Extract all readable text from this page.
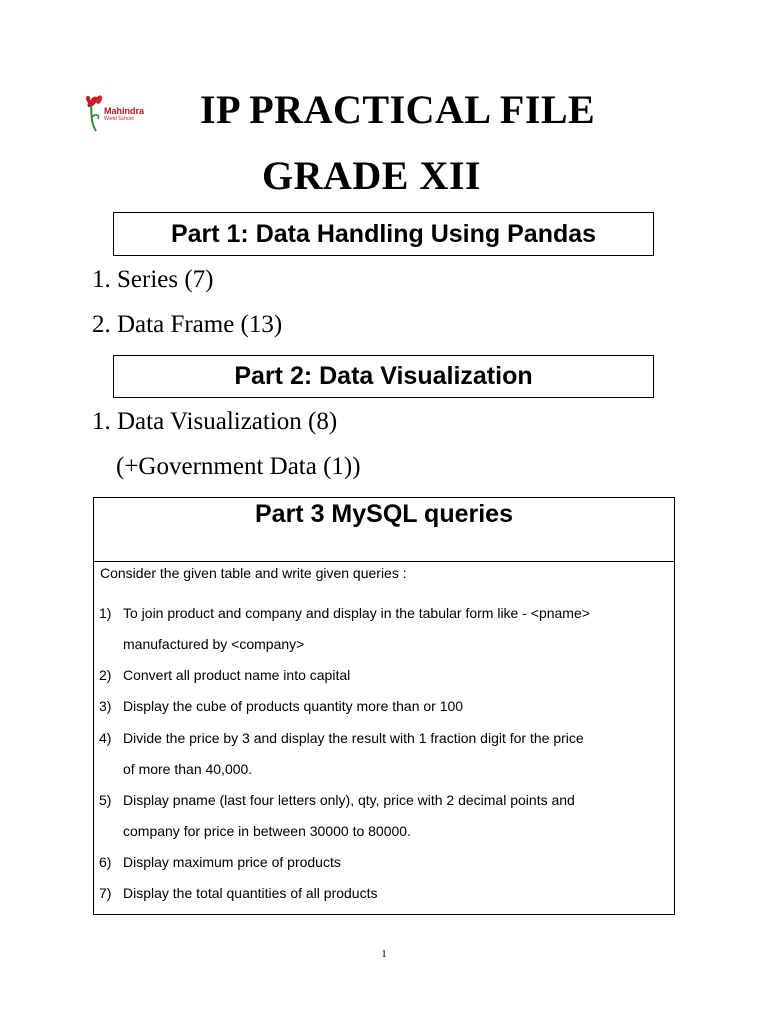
Mahindra
World School IP PRACTICAL FILE
GRADE XII
Part 1: Data Handling Using Pandas
1. Series (7)
2. Data Frame (13)
Part 2: Data Visualization
1. Data Visualization (8)
(+Government Data (1))
Part 3 MySQL queries
Consider the given table and write given queries :
1) To join product and company and display in the tabular form like - <pname>
manufactured by <company>
2) Convert all product name into capital
3) Display the cube of products quantity more than or 100
4) Divide the price by 3 and display the result with 1 fraction digit for the price
of more than 40,000.
5) Display pname (last four letters only), qty, price with 2 decimal points and
company for price in between 30000 to 80000.
6) Display maximum price of products
7) Display the total quantities of all products
1
